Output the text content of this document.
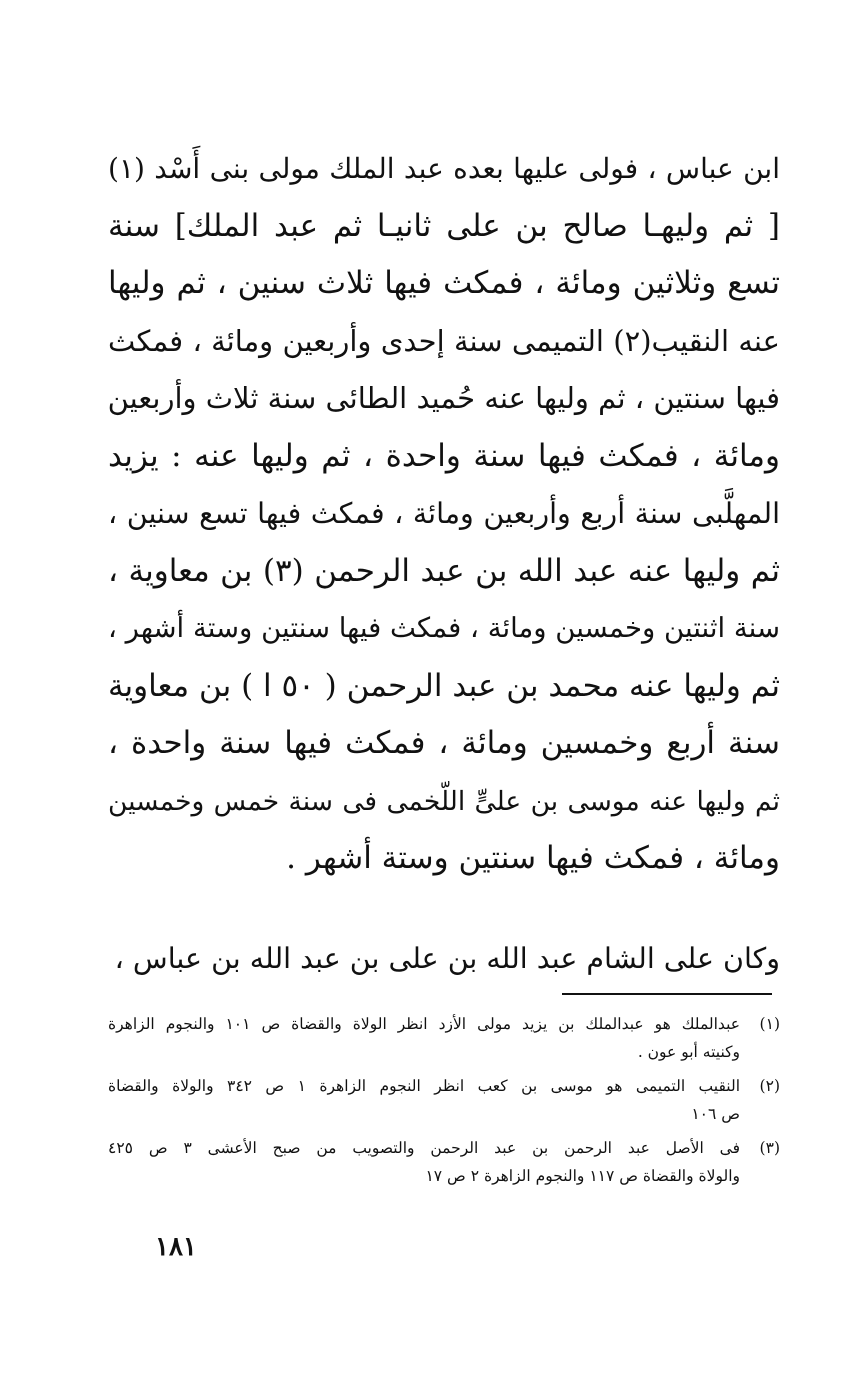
ابن عباس ، فولى عليها بعده عبد الملك مولى بنى أَسْد (١)
[ ثم وليهـا صالح بن على ثانيـا ثم عبد الملك] سنة
تسع وثلاثين ومائة ، فمكث فيها ثلاث سنين ، ثم وليها
عنه النقيب(٢) التميمى سنة إحدى وأربعين ومائة ، فمكث
فيها سنتين ، ثم وليها عنه حُميد الطائى سنة ثلاث وأربعين
ومائة ، فمكث فيها سنة واحدة ، ثم وليها عنه : يزيد
المهلَّبى سنة أربع وأربعين ومائة ، فمكث فيها تسع سنين ،
ثم وليها عنه عبد الله بن عبد الرحمن (٣) بن معاوية ،
سنة اثنتين وخمسين ومائة ، فمكث فيها سنتين وستة أشهر ،
ثم وليها عنه محمد بن عبد الرحمن ( ٥٠ ا ) بن معاوية
سنة أربع وخمسين ومائة ، فمكث فيها سنة واحدة ،
ثم وليها عنه موسى بن علىٍّ اللّخمى فى سنة خمس وخمسين
ومائة ، فمكث فيها سنتين وستة أشهر .
وكان على الشام عبد الله بن على بن عبد الله بن عباس ،
(١)
عبدالملك هو عبدالملك بن يزيد مولى الأزد انظر الولاة والقضاة ص ١٠١ والنجوم الزاهرة
وكنيته أبو عون .
(٢)
النقيب التميمى هو موسى بن كعب انظر النجوم الزاهرة ١ ص ٣٤٢ والولاة والقضاة
ص ١٠٦
(٣)
فى الأصل عبد الرحمن بن عبد الرحمن والتصويب من صبح الأعشى ٣ ص ٤٢٥
والولاة والقضاة ص ١١٧ والنجوم الزاهرة ٢ ص ١٧
١٨١
